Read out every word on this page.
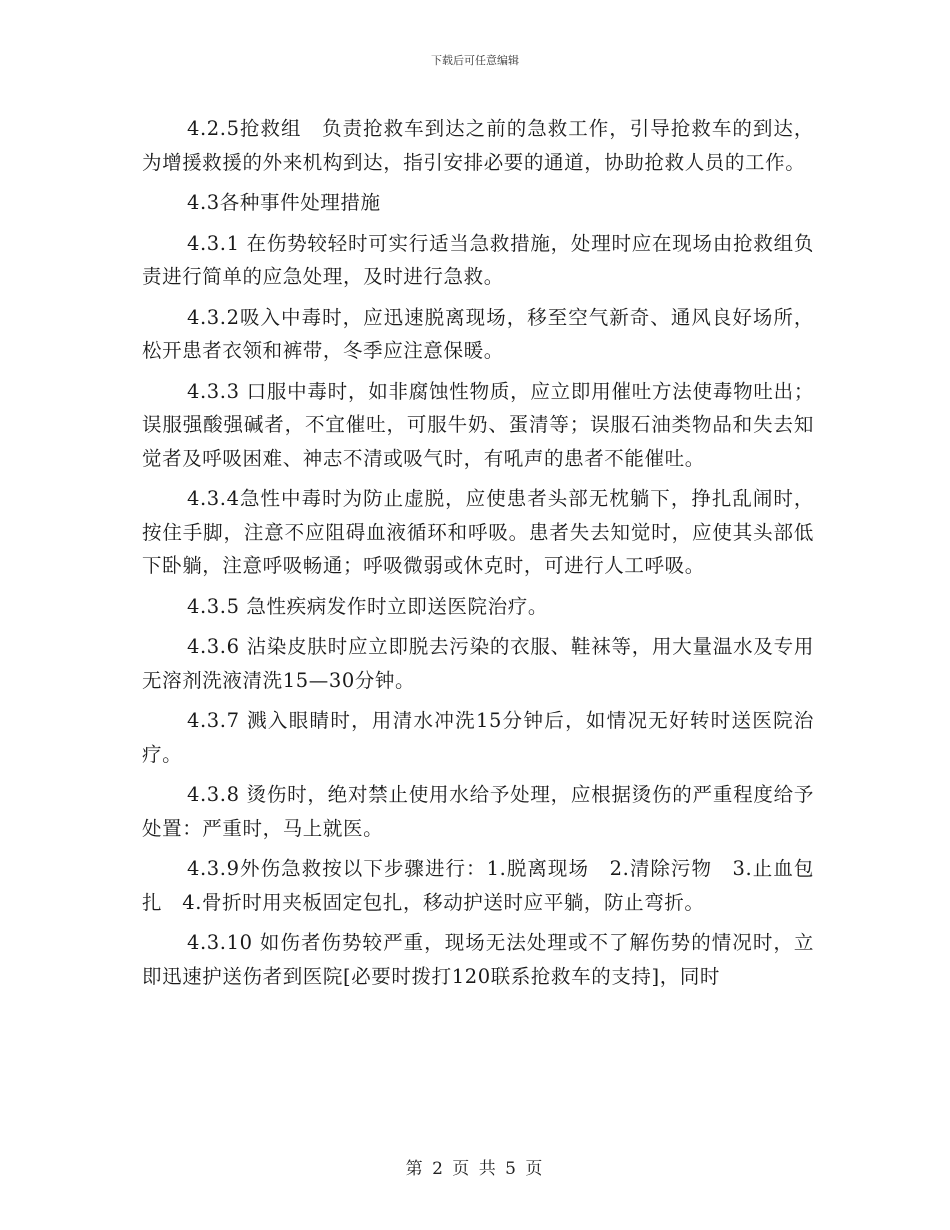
下载后可任意编辑

4.2.5抢救组　负责抢救车到达之前的急救工作，引导抢救车的到达，为增援救援的外来机构到达，指引安排必要的通道，协助抢救人员的工作。

4.3各种事件处理措施

4.3.1 在伤势较轻时可实行适当急救措施，处理时应在现场由抢救组负责进行简单的应急处理，及时进行急救。

4.3.2吸入中毒时，应迅速脱离现场，移至空气新奇、通风良好场所，松开患者衣领和裤带，冬季应注意保暖。

4.3.3 口服中毒时，如非腐蚀性物质，应立即用催吐方法使毒物吐出；误服强酸强碱者，不宜催吐，可服牛奶、蛋清等；误服石油类物品和失去知觉者及呼吸困难、神志不清或吸气时，有吼声的患者不能催吐。

4.3.4急性中毒时为防止虚脱，应使患者头部无枕躺下，挣扎乱闹时，按住手脚，注意不应阻碍血液循环和呼吸。患者失去知觉时，应使其头部低下卧躺，注意呼吸畅通；呼吸微弱或休克时，可进行人工呼吸。

4.3.5 急性疾病发作时立即送医院治疗。

4.3.6 沾染皮肤时应立即脱去污染的衣服、鞋袜等，用大量温水及专用无溶剂洗液清洗15—30分钟。

4.3.7 溅入眼睛时，用清水冲洗15分钟后，如情况无好转时送医院治疗。

4.3.8 烫伤时，绝对禁止使用水给予处理，应根据烫伤的严重程度给予处置：严重时，马上就医。

4.3.9外伤急救按以下步骤进行：1.脱离现场　2.清除污物　3.止血包扎　4.骨折时用夹板固定包扎，移动护送时应平躺，防止弯折。

4.3.10 如伤者伤势较严重，现场无法处理或不了解伤势的情况时，立即迅速护送伤者到医院[必要时拨打120联系抢救车的支持]，同时

第 2 页 共 5 页
